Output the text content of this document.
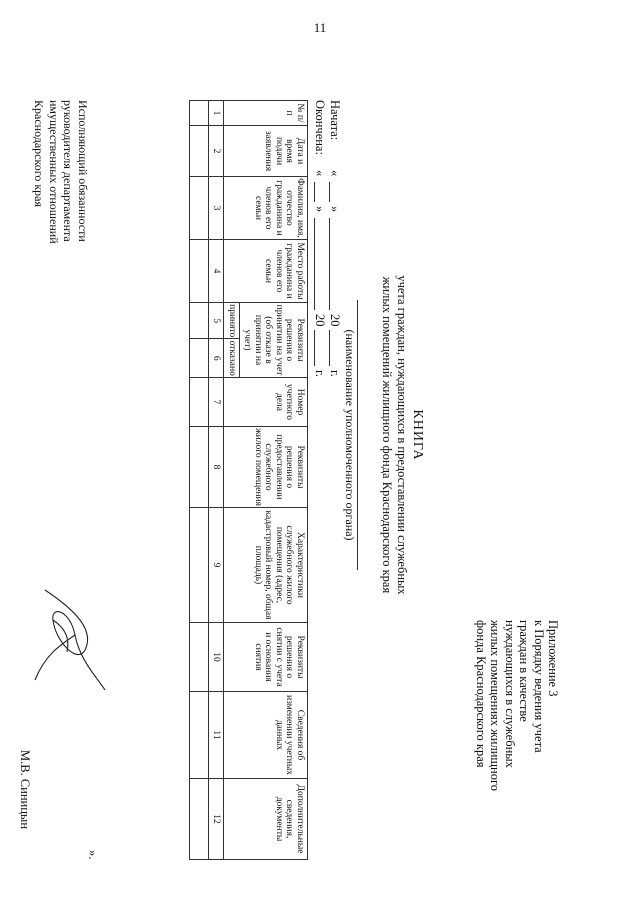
11
Приложение 3
к Порядку ведения учета
граждан в качестве
нуждающихся в служебных
жилых помещениях жилищного
фонда Краснодарского края
КНИГА
учета граждан, нуждающихся в предоставлении служебных
жилых помещений жилищного фонда Краснодарского края
(наименование уполномоченного органа)
Начата:
«
»
20
г.
Окончена:
«
»
20
г.
№ п/п	Дата и время подачи заявления	Фамилия, имя, отчество гражданина и членов его семьи	Место работы гражданина и членов его семьи	Реквизиты решения о принятии на учет (об отказе в принятии на учет)		Номер учетного дела	Реквизиты решения о предоставлении служебного жилого помещения	Характеристики служебного жилого помещения (адрес, кадастровый номер, общая площадь)	Реквизиты решения о снятии с учета и основания снятия	Сведения об изменении учетных данных	Дополнительные сведения, документы
				принято	отказано						
1	2	3	4	5	6	7	8	9	10	11	12

».
Исполняющий обязанности
руководителя департамента
имущественных отношений
Краснодарского края
М.В. Синицын
